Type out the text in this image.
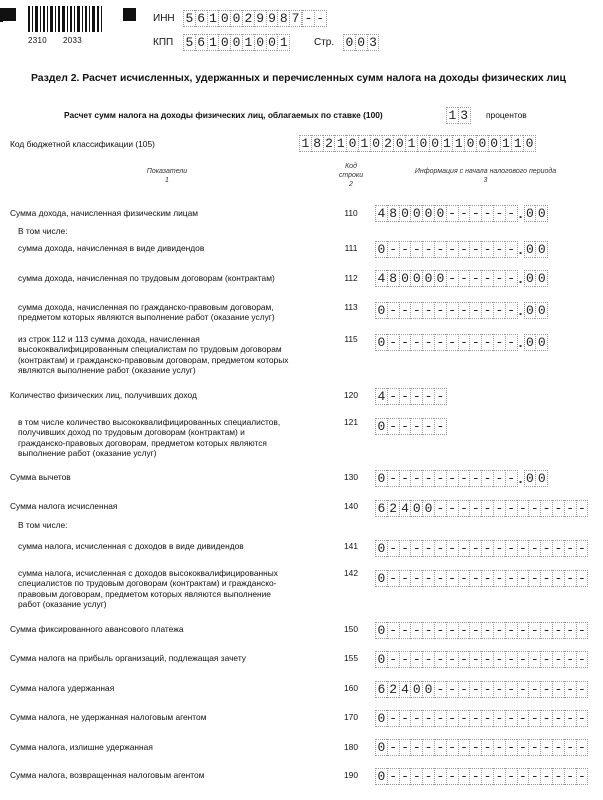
2310 2033
ИНН 5 6 1 0 0 2 9 9 8 7 - -
КПП 5 6 1 0 0 1 0 0 1	Стр. 0 0 3
Раздел 2. Расчет исчисленных, удержанных и перечисленных сумм налога на доходы физических лиц
Расчет сумм налога на доходы физических лиц, облагаемых по ставке (100)	1 3 процентов
Код бюджетной классификации (105)	1 8 2 1 0 1 0 2 0 1 0 0 1 1 0 0 0 1 1 0
Показатели
1
Код
строки
2
Информация с начала налогового периода
3
Сумма дохода, начисленная физическим лицам	110	4 8 0 0 0 0 - - - - - - . 0 0
В том числе:
сумма дохода, начисленная в виде дивидендов	111	0 - - - - - - - - - - - . 0 0
сумма дохода, начисленная по трудовым договорам (контрактам)	112	4 8 0 0 0 0 - - - - - - . 0 0
сумма дохода, начисленная по гражданско-правовым договорам,
предметом которых являются выполнение работ (оказание услуг)
113	0 - - - - - - - - - - - . 0 0
из строк 112 и 113 сумма дохода, начисленная
высококвалифицированным специалистам по трудовым договорам
(контрактам) и гражданско-правовым договорам, предметом которых
являются выполнение работ (оказание услуг)
115	0 - - - - - - - - - - - . 0 0
Количество физических лиц, получивших доход	120	4 - - - - -
в том числе количество высококвалифицированных специалистов,
получивших доход по трудовым договорам (контрактам) и
гражданско-правовых договорам, предметом которых являются
выполнение работ (оказание услуг)
121	0 - - - - -
Сумма вычетов	130	0 - - - - - - - - - - - . 0 0
Сумма налога исчисленная	140	6 2 4 0 0 - - - - - - - - - - - - -
В том числе:
сумма налога, исчисленная с доходов в виде дивидендов	141	0 - - - - - - - - - - - - - - - - -
сумма налога, исчисленная с доходов высококвалифицированных
специалистов по трудовым договорам (контрактам) и гражданско-
правовым договорам, предметом которых являются выполнение
работ (оказание услуг)
142	0 - - - - - - - - - - - - - - - - -
Сумма фиксированного авансового платежа	150	0 - - - - - - - - - - - - - - - - -
Сумма налога на прибыль организаций, подлежащая зачету	155	0 - - - - - - - - - - - - - - - - -
Сумма налога удержанная	160	6 2 4 0 0 - - - - - - - - - - - - -
Сумма налога, не удержанная налоговым агентом	170	0 - - - - - - - - - - - - - - - - -
Сумма налога, излишне удержанная	180	0 - - - - - - - - - - - - - - - - -
Сумма налога, возвращенная налоговым агентом	190	0 - - - - - - - - - - - - - - - - -
